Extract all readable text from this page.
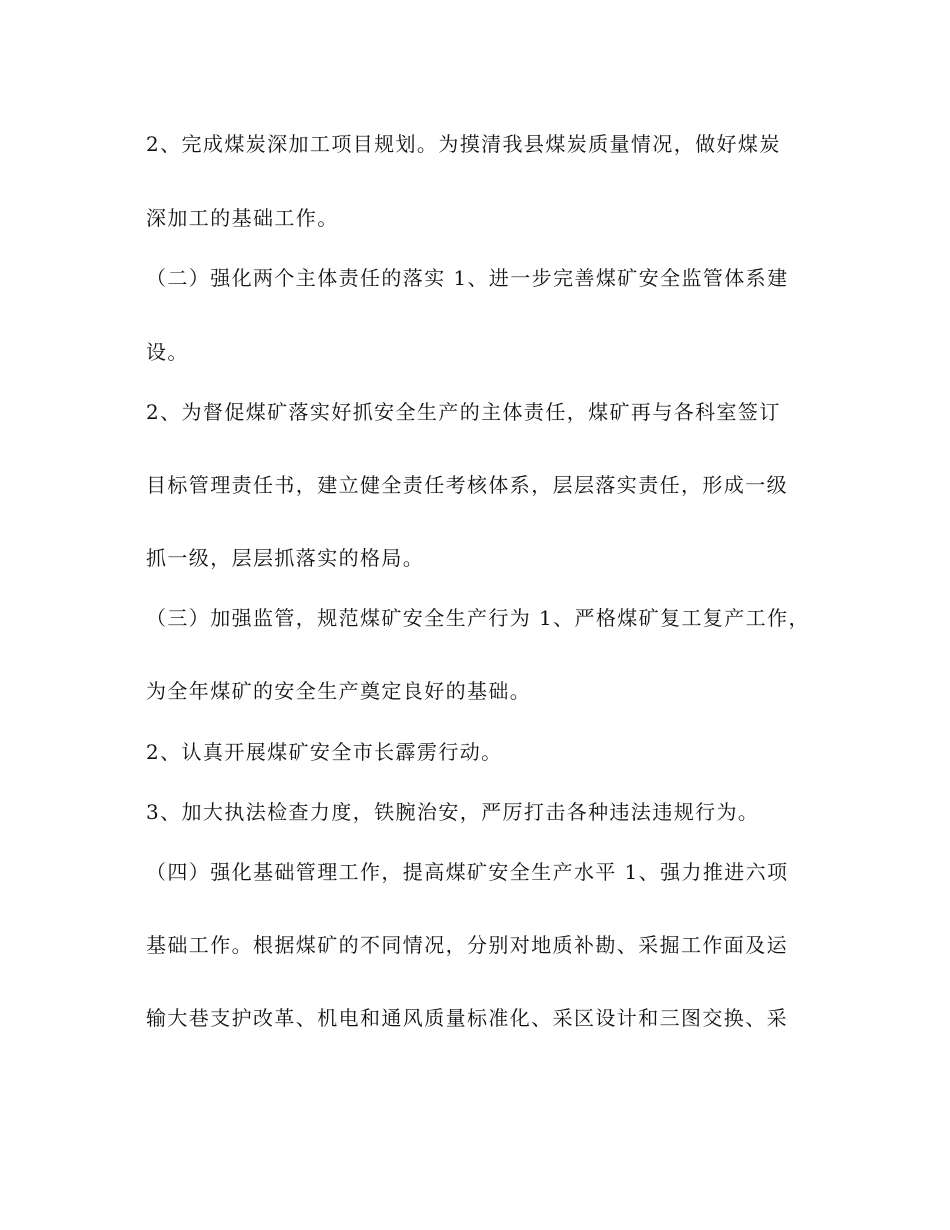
2、完成煤炭深加工项目规划。为摸清我县煤炭质量情况，做好煤炭
深加工的基础工作。
（二）强化两个主体责任的落实 1、进一步完善煤矿安全监管体系建
设。
2、为督促煤矿落实好抓安全生产的主体责任，煤矿再与各科室签订
目标管理责任书，建立健全责任考核体系，层层落实责任，形成一级
抓一级，层层抓落实的格局。
（三）加强监管，规范煤矿安全生产行为 1、严格煤矿复工复产工作，
为全年煤矿的安全生产奠定良好的基础。
2、认真开展煤矿安全市长霹雳行动。
3、加大执法检查力度，铁腕治安，严厉打击各种违法违规行为。
（四）强化基础管理工作，提高煤矿安全生产水平 1、强力推进六项
基础工作。根据煤矿的不同情况，分别对地质补勘、采掘工作面及运
输大巷支护改革、机电和通风质量标准化、采区设计和三图交换、采
